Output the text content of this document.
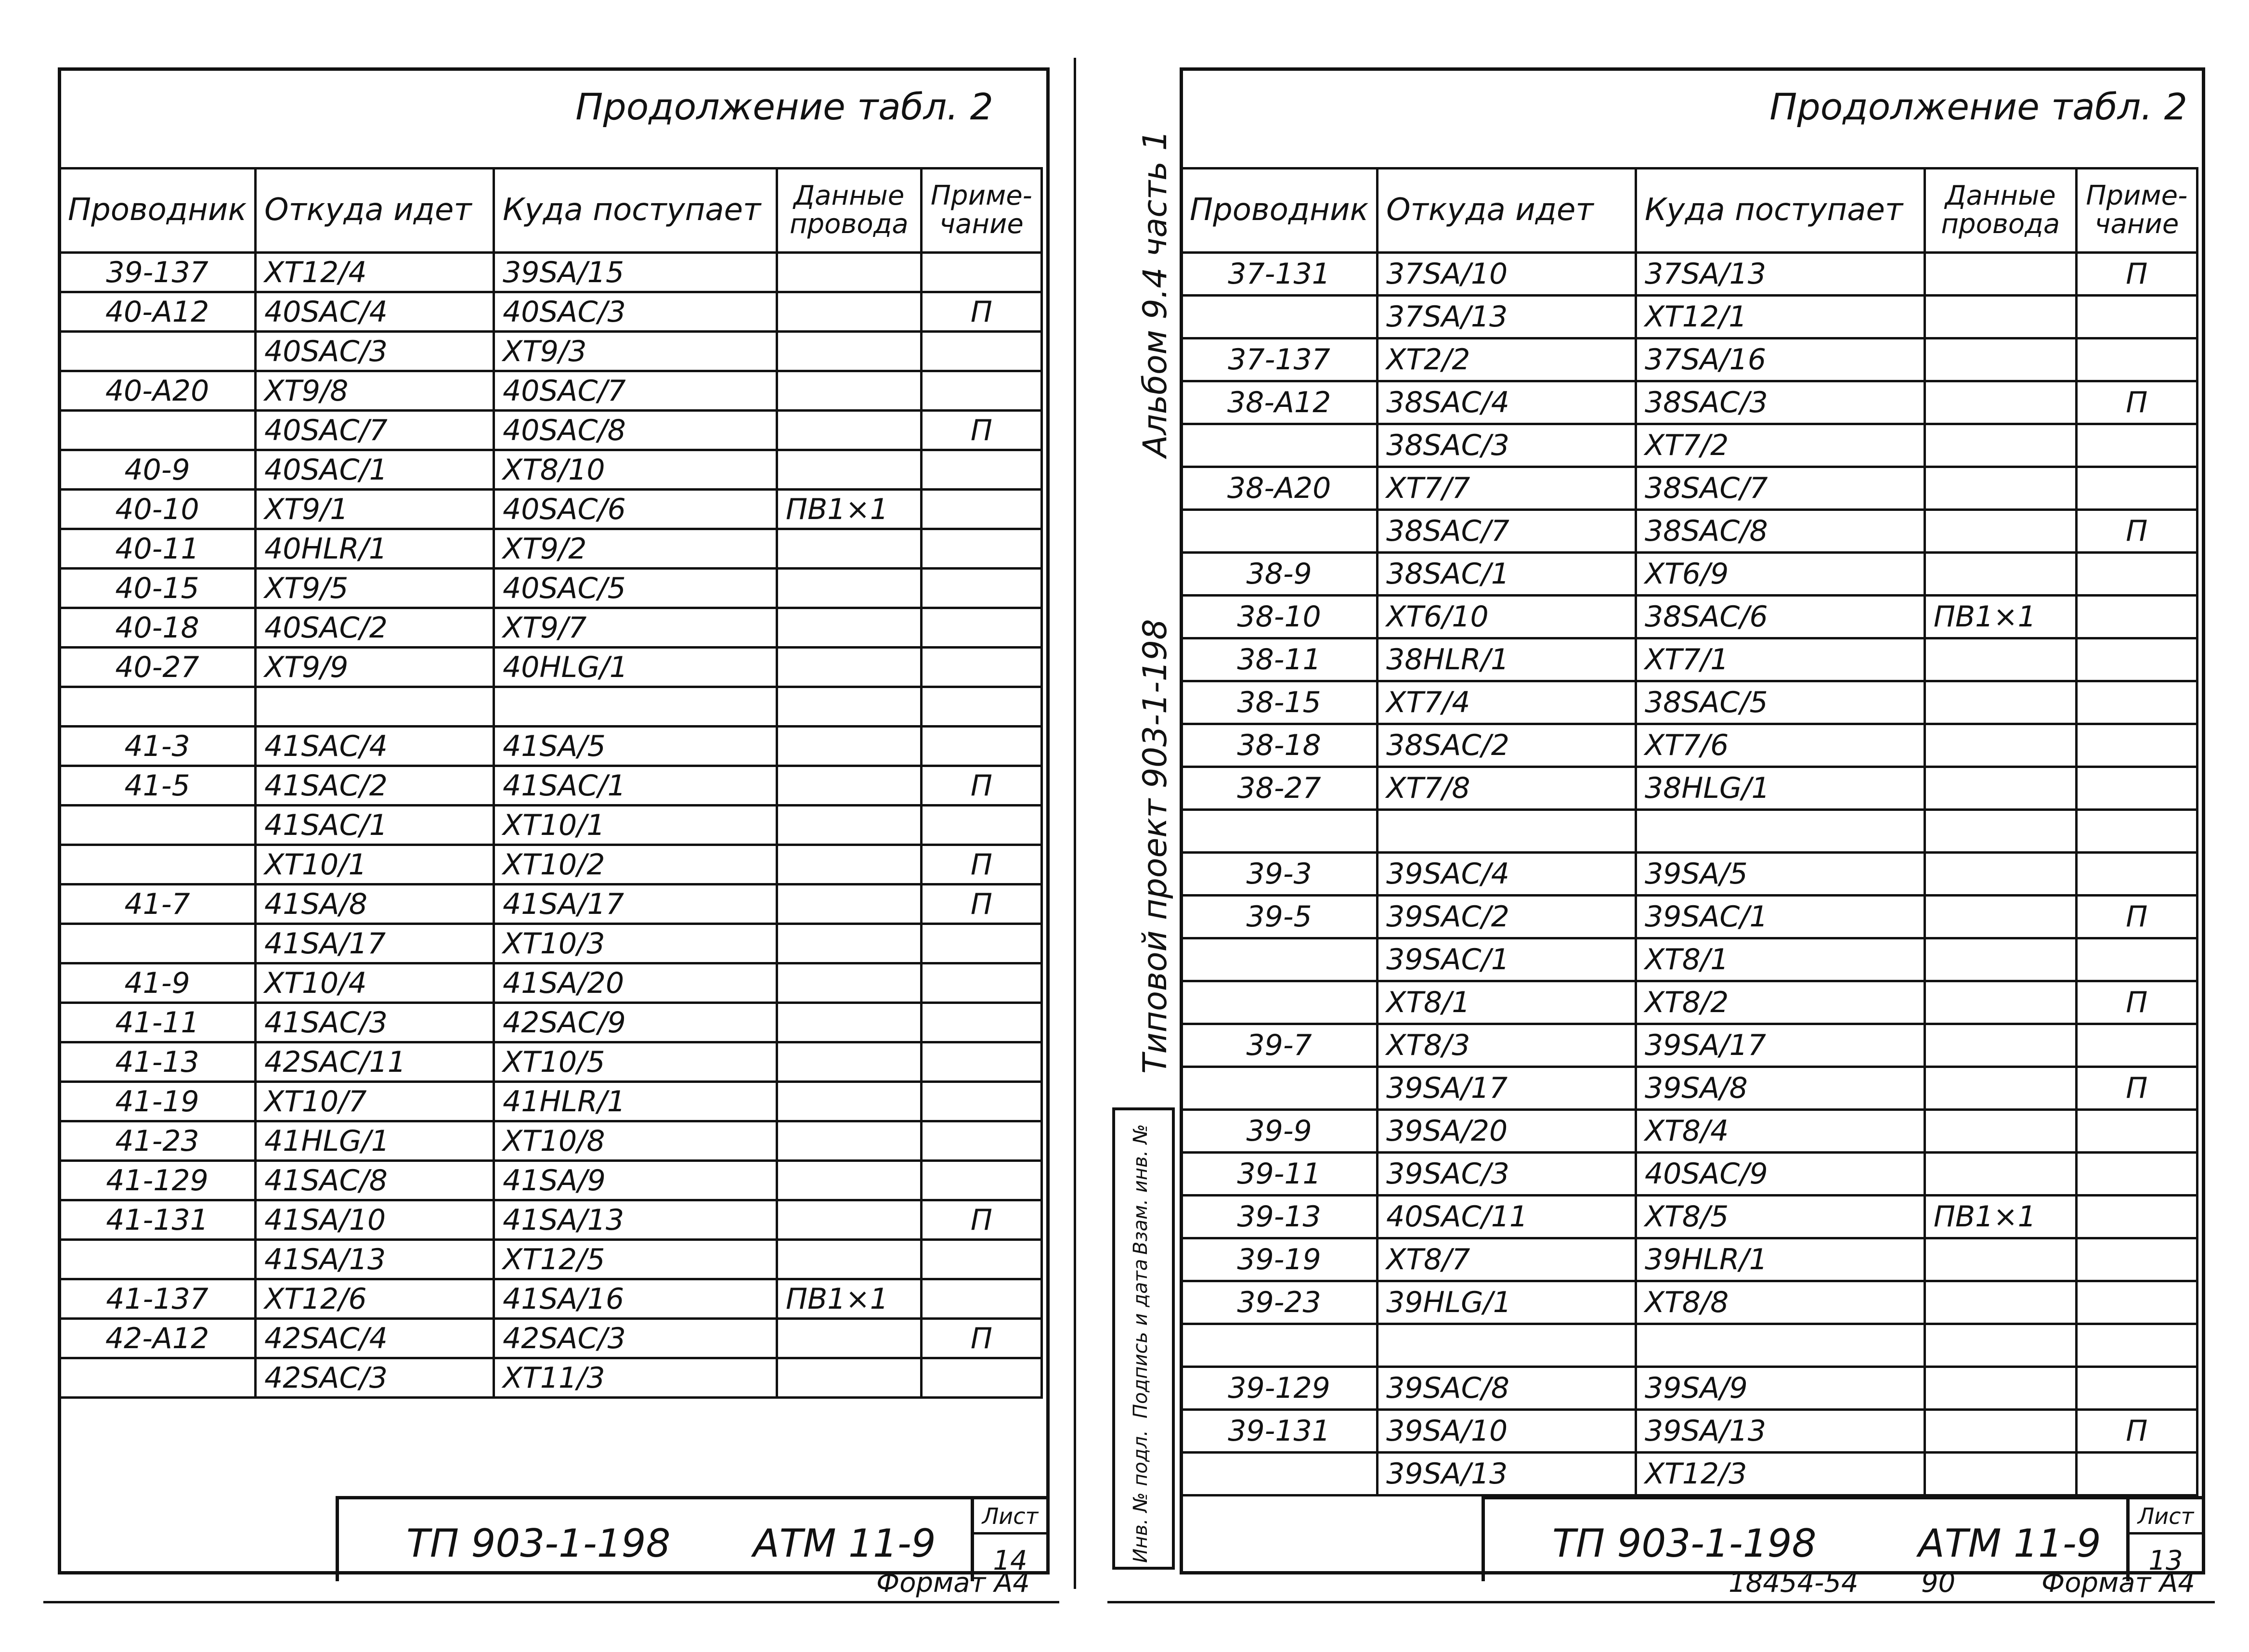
Продолжение табл. 2
Проводник	Откуда идет	Куда поступает	Данные провода	Приме-чание
39-137	XT12/4	39SA/15		
40-A12	40SAC/4	40SAC/3		П
	40SAC/3	XT9/3		
40-A20	XT9/8	40SAC/7		
	40SAC/7	40SAC/8		П
40-9	40SAC/1	XT8/10		
40-10	XT9/1	40SAC/6	ПВ1×1	
40-11	40HLR/1	XT9/2		
40-15	XT9/5	40SAC/5		
40-18	40SAC/2	XT9/7		
40-27	XT9/9	40HLG/1		

41-3	41SAC/4	41SA/5		
41-5	41SAC/2	41SAC/1		П
	41SAC/1	XT10/1		
	XT10/1	XT10/2		П
41-7	41SA/8	41SA/17		П
	41SA/17	XT10/3		
41-9	XT10/4	41SA/20		
41-11	41SAC/3	42SAC/9		
41-13	42SAC/11	XT10/5		
41-19	XT10/7	41HLR/1		
41-23	41HLG/1	XT10/8		
41-129	41SAC/8	41SA/9		
41-131	41SA/10	41SA/13		П
	41SA/13	XT12/5		
41-137	XT12/6	41SA/16	ПВ1×1	
42-A12	42SAC/4	42SAC/3		П
	42SAC/3	XT11/3		
ТП 903-1-198 АТМ 11-9
Лист
14
Формат А4
Альбом 9.4 часть 1
Типовой проект 903-1-198
Инв. № подл.
Подпись и дата
Взам. инв. №
Продолжение табл. 2
Проводник	Откуда идет	Куда поступает	Данные провода	Приме-чание
37-131	37SA/10	37SA/13		П
	37SA/13	XT12/1		
37-137	XT2/2	37SA/16		
38-A12	38SAC/4	38SAC/3		П
	38SAC/3	XT7/2		
38-A20	XT7/7	38SAC/7		
	38SAC/7	38SAC/8		П
38-9	38SAC/1	XT6/9		
38-10	XT6/10	38SAC/6	ПВ1×1	
38-11	38HLR/1	XT7/1		
38-15	XT7/4	38SAC/5		
38-18	38SAC/2	XT7/6		
38-27	XT7/8	38HLG/1		

39-3	39SAC/4	39SA/5		
39-5	39SAC/2	39SAC/1		П
	39SAC/1	XT8/1		
	XT8/1	XT8/2		П
39-7	XT8/3	39SA/17		
	39SA/17	39SA/8		П
39-9	39SA/20	XT8/4		
39-11	39SAC/3	40SAC/9		
39-13	40SAC/11	XT8/5	ПВ1×1	
39-19	XT8/7	39HLR/1		
39-23	39HLG/1	XT8/8		

39-129	39SAC/8	39SA/9		
39-131	39SA/10	39SA/13		П
	39SA/13	XT12/3		
ТП 903-1-198	АТМ 11-9
Лист
13
18454-54 90	Формат А4
